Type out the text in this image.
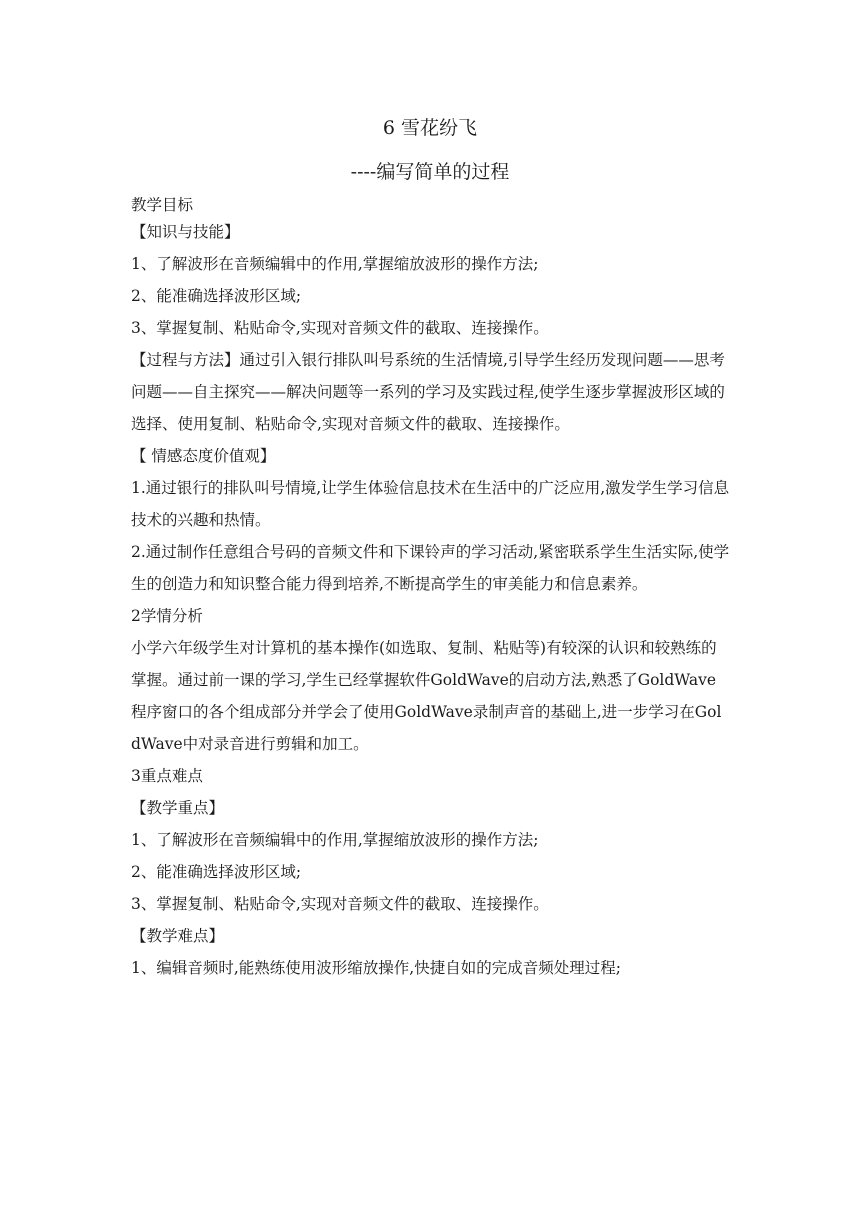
6 雪花纷飞
----编写简单的过程

教学目标

【知识与技能】

1、了解波形在音频编辑中的作用,掌握缩放波形的操作方法;

2、能准确选择波形区域;

3、掌握复制、粘贴命令,实现对音频文件的截取、连接操作。

【过程与方法】通过引入银行排队叫号系统的生活情境,引导学生经历发现问题——思考问题——自主探究——解决问题等一系列的学习及实践过程,使学生逐步掌握波形区域的选择、使用复制、粘贴命令,实现对音频文件的截取、连接操作。

【 情感态度价值观】

1.通过银行的排队叫号情境,让学生体验信息技术在生活中的广泛应用,激发学生学习信息技术的兴趣和热情。

2.通过制作任意组合号码的音频文件和下课铃声的学习活动,紧密联系学生生活实际,使学生的创造力和知识整合能力得到培养,不断提高学生的审美能力和信息素养。

2学情分析

小学六年级学生对计算机的基本操作(如选取、复制、粘贴等)有较深的认识和较熟练的掌握。通过前一课的学习,学生已经掌握软件GoldWave的启动方法,熟悉了GoldWave程序窗口的各个组成部分并学会了使用GoldWave录制声音的基础上,进一步学习在GoldWave中对录音进行剪辑和加工。

3重点难点

【教学重点】

1、了解波形在音频编辑中的作用,掌握缩放波形的操作方法;

2、能准确选择波形区域;

3、掌握复制、粘贴命令,实现对音频文件的截取、连接操作。

【教学难点】

1、编辑音频时,能熟练使用波形缩放操作,快捷自如的完成音频处理过程;
